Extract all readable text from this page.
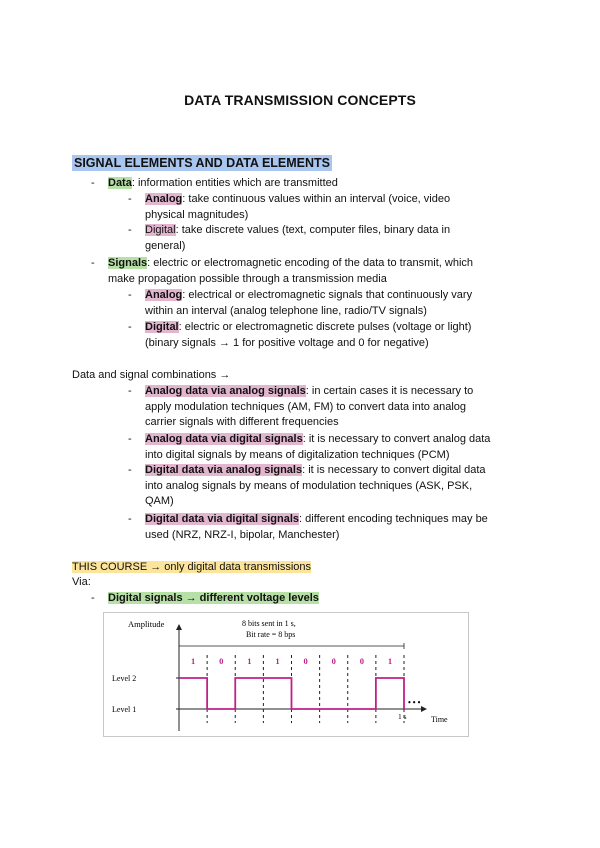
DATA TRANSMISSION CONCEPTS
SIGNAL ELEMENTS AND DATA ELEMENTS
- Data: information entities which are transmitted
- Analog: take continuous values within an interval (voice, video
physical magnitudes)
- Digital: take discrete values (text, computer files, binary data in
general)
- Signals: electric or electromagnetic encoding of the data to transmit, which
make propagation possible through a transmission media
- Analog: electrical or electromagnetic signals that continuously vary
within an interval (analog telephone line, radio/TV signals)
- Digital: electric or electromagnetic discrete pulses (voltage or light)
(binary signals → 1 for positive voltage and 0 for negative)
Data and signal combinations →
- Analog data via analog signals: in certain cases it is necessary to
apply modulation techniques (AM, FM) to convert data into analog
carrier signals with different frequencies
- Analog data via digital signals: it is necessary to convert analog data
into digital signals by means of digitalization techniques (PCM)
- Digital data via analog signals: it is necessary to convert digital data
into analog signals by means of modulation techniques (ASK, PSK,
QAM)
- Digital data via digital signals: different encoding techniques may be
used (NRZ, NRZ-I, bipolar, Manchester)
THIS COURSE → only digital data transmissions
Via:
- Digital signals → different voltage levels
Amplitude
Time
8 bits sent in 1 s,
Bit rate = 8 bps
Level 2
Level 1
1 s
• • •
1	0	1	1	0	0	0	1
